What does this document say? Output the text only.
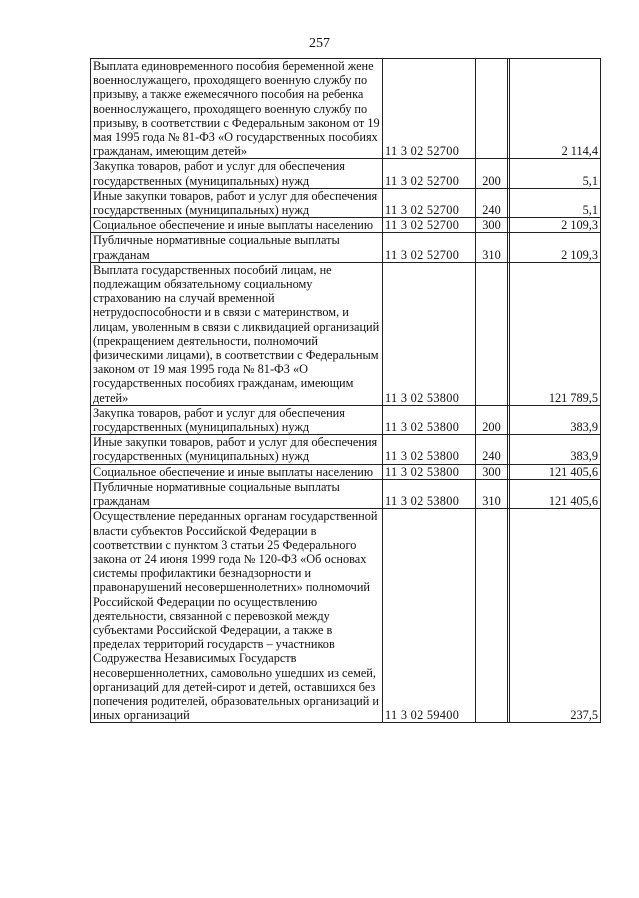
257
Выплата единовременного пособия беременной жене военнослужащего, проходящего военную службу по призыву, а также ежемесячного пособия на ребенка военнослужащего, проходящего военную службу по призыву, в соответствии с Федеральным законом от 19 мая 1995 года № 81-ФЗ «О государственных пособиях гражданам, имеющим детей»	11 3 02 52700			2 114,4
Закупка товаров, работ и услуг для обеспечения государственных (муниципальных) нужд	11 3 02 52700	200		5,1
Иные закупки товаров, работ и услуг для обеспечения государственных (муниципальных) нужд	11 3 02 52700	240		5,1
Социальное обеспечение и иные выплаты населению	11 3 02 52700	300		2 109,3
Публичные нормативные социальные выплаты гражданам	11 3 02 52700	310		2 109,3
Выплата государственных пособий лицам, не подлежащим обязательному социальному страхованию на случай временной нетрудоспособности и в связи с материнством, и лицам, уволенным в связи с ликвидацией организаций (прекращением деятельности, полномочий физическими лицами), в соответствии с Федеральным законом от 19 мая 1995 года № 81-ФЗ «О государственных пособиях гражданам, имеющим детей»	11 3 02 53800			121 789,5
Закупка товаров, работ и услуг для обеспечения государственных (муниципальных) нужд	11 3 02 53800	200		383,9
Иные закупки товаров, работ и услуг для обеспечения государственных (муниципальных) нужд	11 3 02 53800	240		383,9
Социальное обеспечение и иные выплаты населению	11 3 02 53800	300		121 405,6
Публичные нормативные социальные выплаты гражданам	11 3 02 53800	310		121 405,6
Осуществление переданных органам государственной власти субъектов Российской Федерации в соответствии с пунктом 3 статьи 25 Федерального закона от 24 июня 1999 года № 120-ФЗ «Об основах системы профилактики безнадзорности и правонарушений несовершеннолетних» полномочий Российской Федерации по осуществлению деятельности, связанной с перевозкой между субъектами Российской Федерации, а также в пределах территорий государств – участников Содружества Независимых Государств несовершеннолетних, самовольно ушедших из семей, организаций для детей-сирот и детей, оставшихся без попечения родителей, образовательных организаций и иных организаций	11 3 02 59400			237,5
